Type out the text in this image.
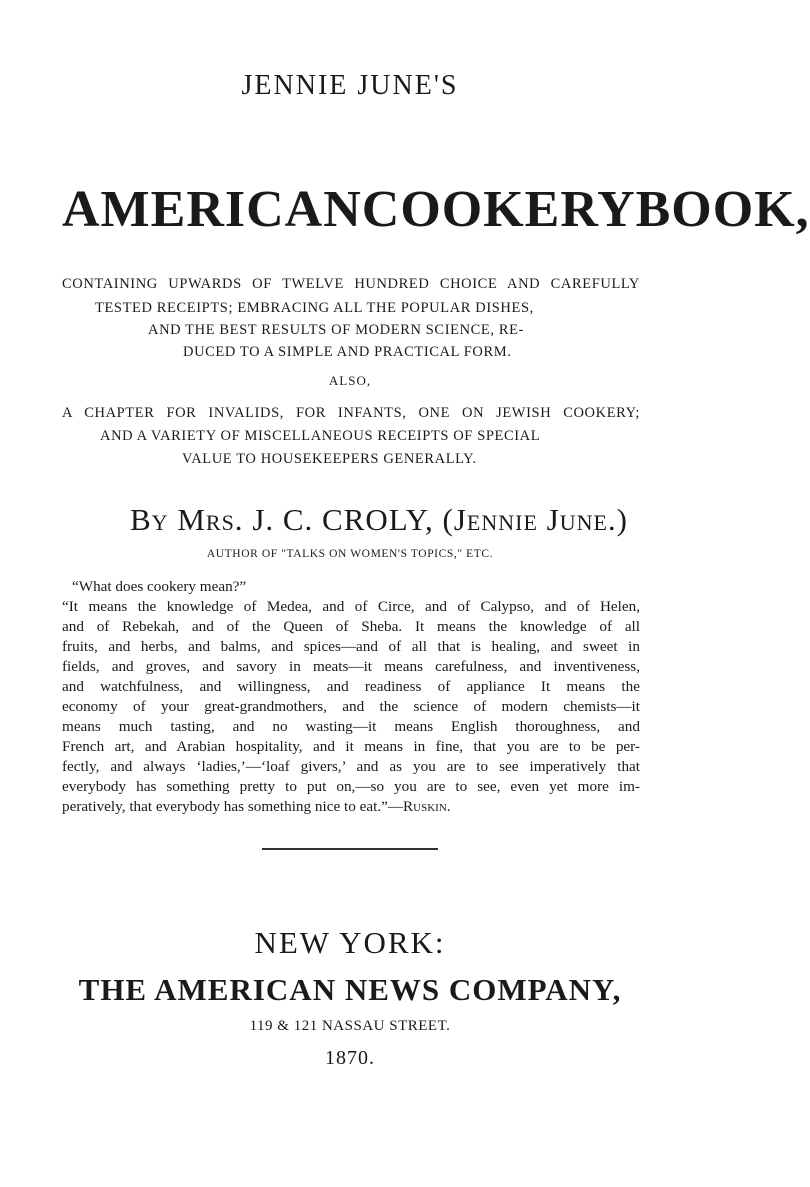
JENNIE JUNE'S
AMERICAN COOKERY BOOK,
CONTAINING UPWARDS OF TWELVE HUNDRED CHOICE AND CAREFULLY
TESTED RECEIPTS; EMBRACING ALL THE POPULAR DISHES,
AND THE BEST RESULTS OF MODERN SCIENCE, RE-
DUCED TO A SIMPLE AND PRACTICAL FORM.
ALSO,
A CHAPTER FOR INVALIDS, FOR INFANTS, ONE ON JEWISH COOKERY;
AND A VARIETY OF MISCELLANEOUS RECEIPTS OF SPECIAL
VALUE TO HOUSEKEEPERS GENERALLY.
By Mrs. J. C. CROLY, (Jennie June.)
AUTHOR OF "TALKS ON WOMEN'S TOPICS," ETC.
“What does cookery mean?”
“It means the knowledge of Medea, and of Circe, and of Calypso, and of Helen,
and of Rebekah, and of the Queen of Sheba. It means the knowledge of all
fruits, and herbs, and balms, and spices—and of all that is healing, and sweet in
fields, and groves, and savory in meats—it means carefulness, and inventiveness,
and watchfulness, and willingness, and readiness of appliance It means the
economy of your great-grandmothers, and the science of modern chemists—it
means much tasting, and no wasting—it means English thoroughness, and
French art, and Arabian hospitality, and it means in fine, that you are to be per-
fectly, and always ‘ladies,’—‘loaf givers,’ and as you are to see imperatively that
everybody has something pretty to put on,—so you are to see, even yet more im-
peratively, that everybody has something nice to eat.”—Ruskin.
NEW YORK:
THE AMERICAN NEWS COMPANY,
119 & 121 NASSAU STREET.
1870.
